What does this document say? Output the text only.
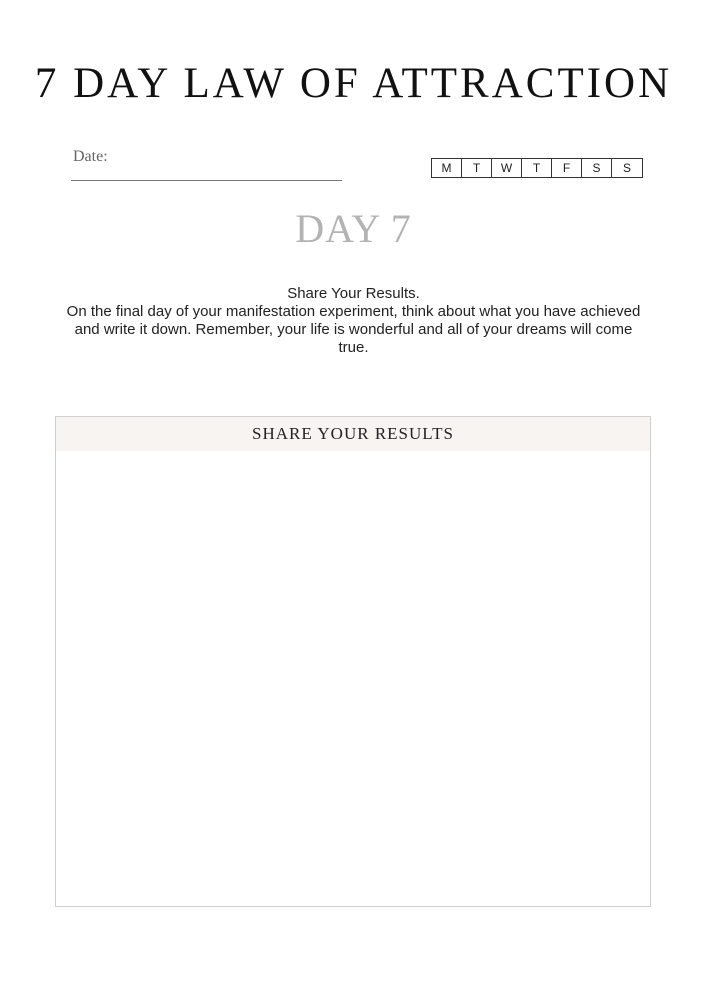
7 DAY LAW OF ATTRACTION
Date:
M	T	W	T	F	S	S
DAY 7

Share Your Results.

On the final day of your manifestation experiment, think about what you have achieved and write it down. Remember, your life is wonderful and all of your dreams will come true.

SHARE YOUR RESULTS
